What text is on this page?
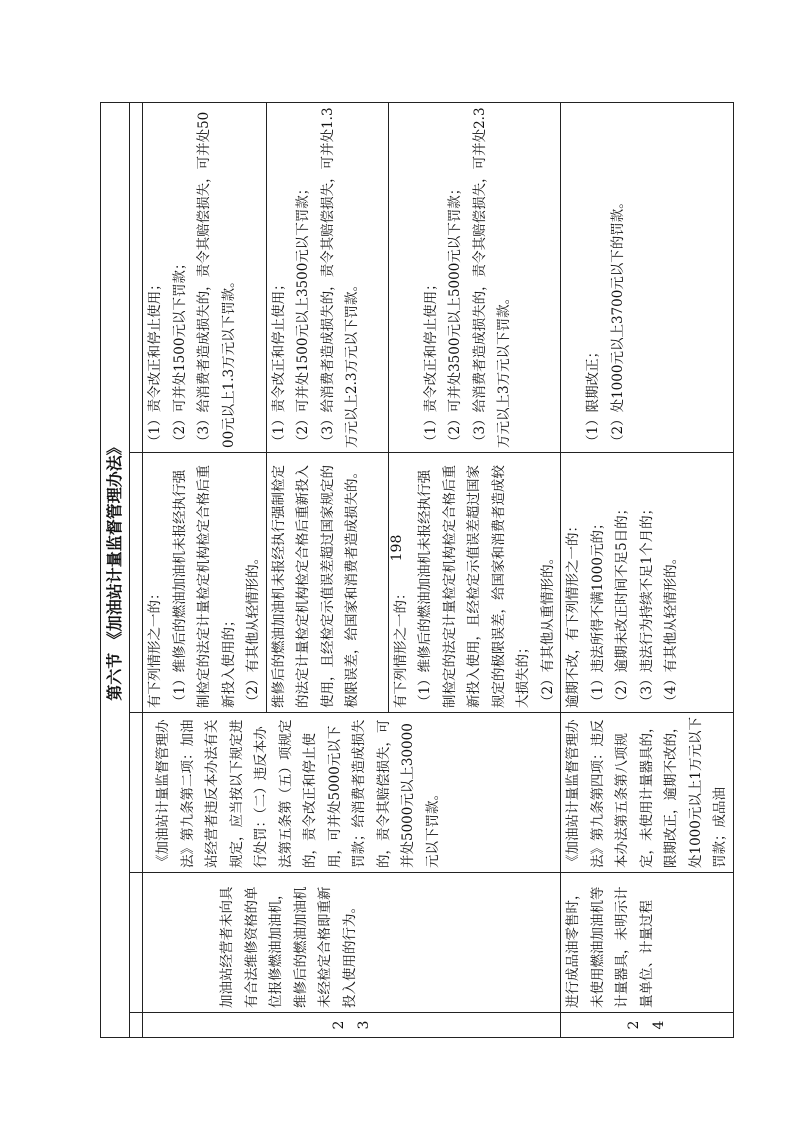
第六节 《加油站计量监督管理办法》				

23	加油站经营者未向具有合法维修资格的单位报修燃油加油机，维修后的燃油加油机未经检定合格即重新投入使用的行为。	《加油站计量监督管理办法》第九条第二项：加油站经营者违反本办法有关规定，应当按以下规定进行处罚：（二）违反本办法第五条第（五）项规定的，责令改正和停止使用，可并处5000元以下罚款；给消费者造成损失的，责令其赔偿损失，可并处5000元以上30000元以下罚款。	有下列情形之一的： （1）维修后的燃油加油机未报经执行强制检定的法定计量检定机构检定合格后重新投入使用的； （2）有其他从轻情形的。	（1）责令改正和停止使用； （2）可并处1500元以下罚款； （3）给消费者造成损失的，责令其赔偿损失，可并处5000元以上1.3万元以下罚款。

			维修后的燃油加油机未报经执行强制检定的法定计量检定机构检定合格后重新投入使用，且经检定示值误差超过国家规定的极限误差，给国家和消费者造成损失的。	（1）责令改正和停止使用； （2）可并处1500元以上3500元以下罚款； （3）给消费者造成损失的，责令其赔偿损失，可并处1.3万元以上2.3万元以下罚款。

			有下列情形之一的： （1）维修后的燃油加油机未报经执行强制检定的法定计量检定机构检定合格后重新投入使用，且经检定示值误差超过国家规定的极限误差，给国家和消费者造成较大损失的； （2）有其他从重情形的。	（1）责令改正和停止使用； （2）可并处3500元以上5000元以下罚款； （3）给消费者造成损失的，责令其赔偿损失，可并处2.3万元以上3万元以下罚款。

24	进行成品油零售时，未使用燃油加油机等计量器具，未明示计量单位、计量过程	《加油站计量监督管理办法》第九条第四项：违反本办法第五条第八项规定，未使用计量器具的，限期改正，逾期不改的，处1000元以上1万元以下罚款；成品油	逾期不改，有下列情形之一的： （1）违法所得不满1000元的； （2）逾期未改正时间不足5日的； （3）违法行为持续不足1个月的； （4）有其他从轻情形的。	（1）限期改正； （2）处1000元以上3700元以下的罚款。
198
